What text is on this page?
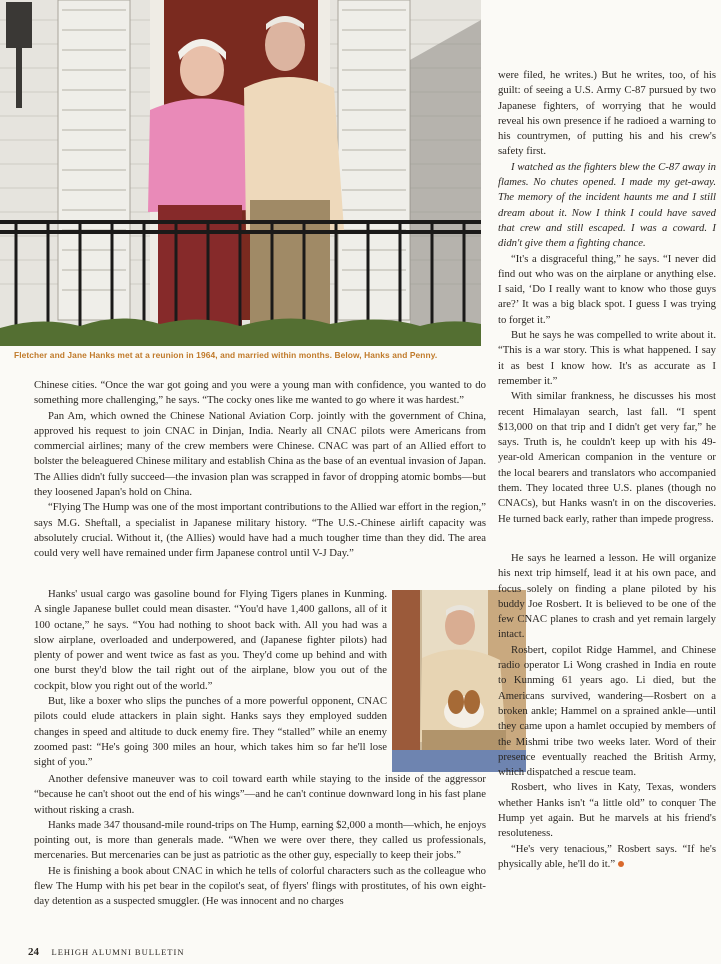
were filed, he writes.) But he writes, too, of his guilt: of seeing a U.S. Army C-87 pursued by two Japanese fighters, of worrying that he would reveal his own presence if he radioed a warning to his countrymen, of putting his and his crew's safety first.

I watched as the fighters blew the C-87 away in flames. No chutes opened. I made my get-away. The memory of the incident haunts me and I still dream about it. Now I think I could have saved that crew and still escaped. I was a coward. I didn't give them a fighting chance.

“It's a disgraceful thing,” he says. “I never did find out who was on the airplane or anything else. I said, ‘Do I really want to know who those guys are?’ It was a big black spot. I guess I was trying to forget it.”

But he says he was compelled to write about it. “This is a war story. This is what happened. I say it as best I know how. It's as accurate as I remember it.”

With similar frankness, he discusses his most recent Himalayan search, last fall. “I spent $13,000 on that trip and I didn't get very far,” he says. Truth is, he couldn't keep up with his 49-year-old American companion in the venture or the local bearers and translators who accompanied them. They located three U.S. planes (though no CNACs), but Hanks wasn't in on the discoveries. He turned back early, rather than impede progress.

Fletcher and Jane Hanks met at a reunion in 1964, and married within months. Below, Hanks and Penny.

Chinese cities. “Once the war got going and you were a young man with confidence, you wanted to do something more challenging,” he says. “The cocky ones like me wanted to go where it was hardest.”

Pan Am, which owned the Chinese National Aviation Corp. jointly with the government of China, approved his request to join CNAC in Dinjan, India. Nearly all CNAC pilots were Americans from commercial airlines; many of the crew members were Chinese. CNAC was part of an Allied effort to bolster the beleaguered Chinese military and establish China as the base of an eventual invasion of Japan. The Allies didn't fully succeed—the invasion plan was scrapped in favor of dropping atomic bombs—but they loosened Japan's hold on China.

“Flying The Hump was one of the most important contributions to the Allied war effort in the region,” says M.G. Sheftall, a specialist in Japanese military history. “The U.S.-Chinese airlift capacity was absolutely crucial. Without it, (the Allies) would have had a much tougher time than they did. The area could very well have remained under firm Japanese control until V-J Day.”

Hanks' usual cargo was gasoline bound for Flying Tigers planes in Kunming. A single Japanese bullet could mean disaster. “You'd have 1,400 gallons, all of it 100 octane,” he says. “You had nothing to shoot back with. All you had was a slow airplane, overloaded and underpowered, and (Japanese fighter pilots) had plenty of power and went twice as fast as you. They'd come up behind and with one burst they'd blow the tail right out of the airplane, blow you out of the cockpit, blow you right out of the world.”

But, like a boxer who slips the punches of a more powerful opponent, CNAC pilots could elude attackers in plain sight. Hanks says they employed sudden changes in speed and altitude to duck enemy fire. They “stalled” while an enemy zoomed past: “He's going 300 miles an hour, which takes him so far he'll lose sight of you.”

He says he learned a lesson. He will organize his next trip himself, lead it at his own pace, and focus solely on finding a plane piloted by his buddy Joe Rosbert. It is believed to be one of the few CNAC planes to crash and yet remain largely intact.

Rosbert, copilot Ridge Hammel, and Chinese radio operator Li Wong crashed in India en route to Kunming 61 years ago. Li died, but the Americans survived, wandering—Rosbert on a broken ankle; Hammel on a sprained ankle—until they came upon a hamlet occupied by members of the Mishmi tribe two weeks later. Word of their presence eventually reached the British Army, which dispatched a rescue team.

Rosbert, who lives in Katy, Texas, wonders whether Hanks isn't “a little old” to conquer The Hump yet again. But he marvels at his friend's resoluteness.

“He's very tenacious,” Rosbert says. “If he's physically able, he'll do it.”

Another defensive maneuver was to coil toward earth while staying to the inside of the aggressor “because he can't shoot out the end of his wings”—and he can't continue downward long in his fast plane without risking a crash.

Hanks made 347 thousand-mile round-trips on The Hump, earning $2,000 a month—which, he enjoys pointing out, is more than generals made. “When we were over there, they called us professionals, mercenaries. But mercenaries can be just as patriotic as the other guy, especially to keep their jobs.”

He is finishing a book about CNAC in which he tells of colorful characters such as the colleague who flew The Hump with his pet bear in the copilot's seat, of flyers' flings with prostitutes, of his own eight-day detention as a suspected smuggler. (He was innocent and no charges

24 LEHIGH ALUMNI BULLETIN
